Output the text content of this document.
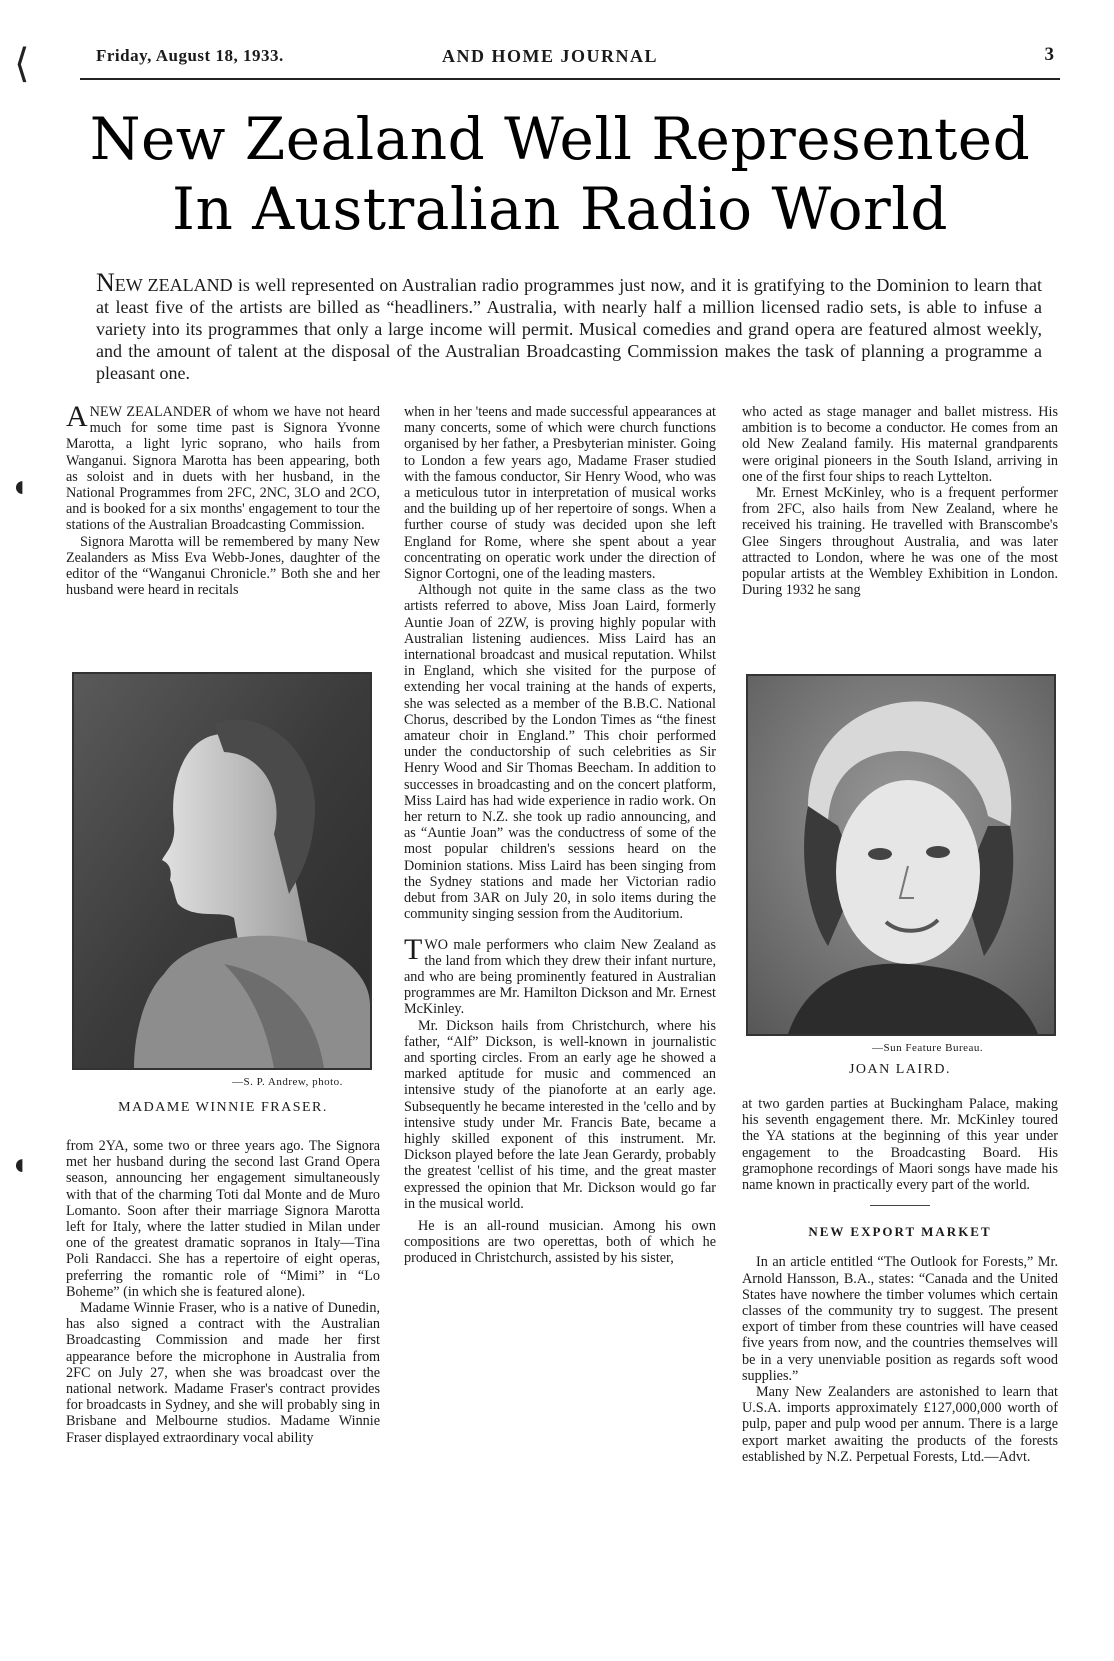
⟨
◖
◖
Friday, August 18, 1933.	AND HOME JOURNAL	3
New Zealand Well Represented
In Australian Radio World
NEW ZEALAND is well represented on Australian radio programmes just now, and it is gratifying to the Dominion to learn that at least five of the artists are billed as “headliners.” Australia, with nearly half a million licensed radio sets, is able to infuse a variety into its programmes that only a large income will permit. Musical comedies and grand opera are featured almost weekly, and the amount of talent at the disposal of the Australian Broadcasting Commission makes the task of planning a programme a pleasant one.

ANEW ZEALANDER of whom we have not heard much for some time past is Signora Yvonne Marotta, a light lyric soprano, who hails from Wanganui. Signora Marotta has been appearing, both as soloist and in duets with her husband, in the National Programmes from 2FC, 2NC, 3LO and 2CO, and is booked for a six months' engagement to tour the stations of the Australian Broadcasting Commission.

Signora Marotta will be remembered by many New Zealanders as Miss Eva Webb-Jones, daughter of the editor of the “Wanganui Chronicle.” Both she and her husband were heard in recitals

—S. P. Andrew, photo.
MADAME WINNIE FRASER.

from 2YA, some two or three years ago. The Signora met her husband during the second last Grand Opera season, announcing her engagement simultaneously with that of the charming Toti dal Monte and de Muro Lomanto. Soon after their marriage Signora Marotta left for Italy, where the latter studied in Milan under one of the greatest dramatic sopranos in Italy—Tina Poli Randacci. She has a repertoire of eight operas, preferring the romantic role of “Mimi” in “Lo Boheme” (in which she is featured alone).

Madame Winnie Fraser, who is a native of Dunedin, has also signed a contract with the Australian Broadcasting Commission and made her first appearance before the microphone in Australia from 2FC on July 27, when she was broadcast over the national network. Madame Fraser's contract provides for broadcasts in Sydney, and she will probably sing in Brisbane and Melbourne studios. Madame Winnie Fraser displayed extraordinary vocal ability

when in her 'teens and made successful appearances at many concerts, some of which were church functions organised by her father, a Presbyterian minister. Going to London a few years ago, Madame Fraser studied with the famous conductor, Sir Henry Wood, who was a meticulous tutor in interpretation of musical works and the building up of her repertoire of songs. When a further course of study was decided upon she left England for Rome, where she spent about a year concentrating on operatic work under the direction of Signor Cortogni, one of the leading masters.

Although not quite in the same class as the two artists referred to above, Miss Joan Laird, formerly Auntie Joan of 2ZW, is proving highly popular with Australian listening audiences. Miss Laird has an international broadcast and musical reputation. Whilst in England, which she visited for the purpose of extending her vocal training at the hands of experts, she was selected as a member of the B.B.C. National Chorus, described by the London Times as “the finest amateur choir in England.” This choir performed under the conductorship of such celebrities as Sir Henry Wood and Sir Thomas Beecham. In addition to successes in broadcasting and on the concert platform, Miss Laird has had wide experience in radio work. On her return to N.Z. she took up radio announcing, and as “Auntie Joan” was the conductress of some of the most popular children's sessions heard on the Dominion stations. Miss Laird has been singing from the Sydney stations and made her Victorian radio debut from 3AR on July 20, in solo items during the community singing session from the Auditorium.

TWO male performers who claim New Zealand as the land from which they drew their infant nurture, and who are being prominently featured in Australian programmes are Mr. Hamilton Dickson and Mr. Ernest McKinley.

Mr. Dickson hails from Christchurch, where his father, “Alf” Dickson, is well-known in journalistic and sporting circles. From an early age he showed a marked aptitude for music and commenced an intensive study of the pianoforte at an early age. Subsequently he became interested in the 'cello and by intensive study under Mr. Francis Bate, became a highly skilled exponent of this instrument. Mr. Dickson played before the late Jean Gerardy, probably the greatest 'cellist of his time, and the great master expressed the opinion that Mr. Dickson would go far in the musical world.

He is an all-round musician. Among his own compositions are two operettas, both of which he produced in Christchurch, assisted by his sister,

who acted as stage manager and ballet mistress. His ambition is to become a conductor. He comes from an old New Zealand family. His maternal grandparents were original pioneers in the South Island, arriving in one of the first four ships to reach Lyttelton.

Mr. Ernest McKinley, who is a frequent performer from 2FC, also hails from New Zealand, where he received his training. He travelled with Branscombe's Glee Singers throughout Australia, and was later attracted to London, where he was one of the most popular artists at the Wembley Exhibition in London. During 1932 he sang

—Sun Feature Bureau.
JOAN LAIRD.

at two garden parties at Buckingham Palace, making his seventh engagement there. Mr. McKinley toured the YA stations at the beginning of this year under engagement to the Broadcasting Board. His gramophone recordings of Maori songs have made his name known in practically every part of the world.

NEW EXPORT MARKET

In an article entitled “The Outlook for Forests,” Mr. Arnold Hansson, B.A., states: “Canada and the United States have nowhere the timber volumes which certain classes of the community try to suggest. The present export of timber from these countries will have ceased five years from now, and the countries themselves will be in a very unenviable position as regards soft wood supplies.”

Many New Zealanders are astonished to learn that U.S.A. imports approximately £127,000,000 worth of pulp, paper and pulp wood per annum. There is a large export market awaiting the products of the forests established by N.Z. Perpetual Forests, Ltd.—Advt.
